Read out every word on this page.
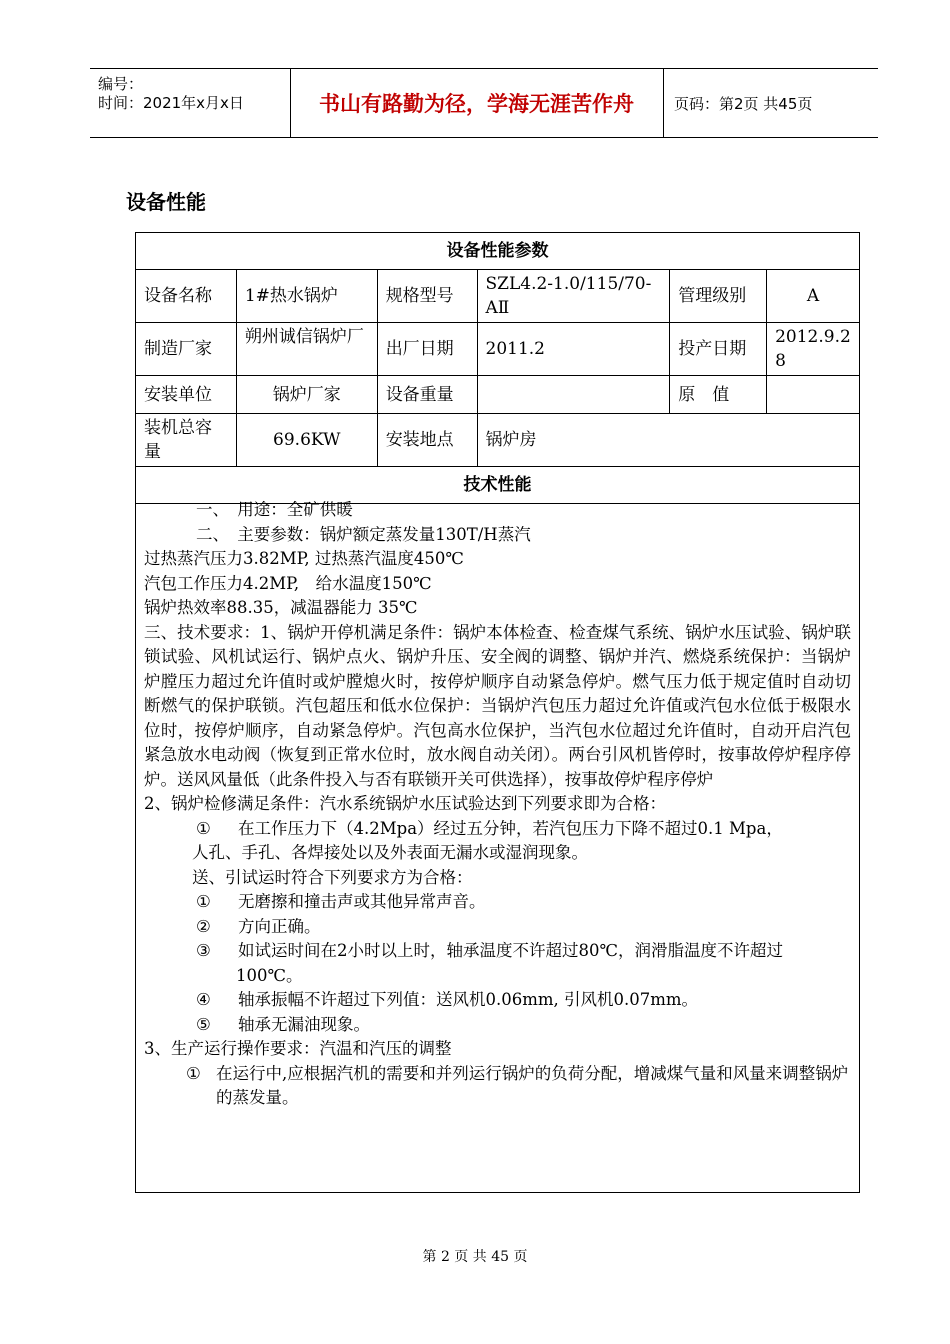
编号：
时间：2021年x月x日	书山有路勤为径，学海无涯苦作舟	页码：第2页 共45页
设备性能
设备性能参数					
设备名称	1#热水锅炉	规格型号	SZL4.2-1.0/115/70-AⅡ	管理级别	A
制造厂家	朔州诚信锅炉厂	出厂日期	2011.2	投产日期	2012.9.28
安装单位	锅炉厂家	设备重量		原　值	
装机总容量	69.6KW	安装地点	锅炉房		
技术性能					

一、　用途：全矿供暖

二、　主要参数：锅炉额定蒸发量130T/H蒸汽

过热蒸汽压力3.82MP, 过热蒸汽温度450℃

汽包工作压力4.2MP,　给水温度150℃

锅炉热效率88.35，减温器能力 35℃

三、技术要求：1、锅炉开停机满足条件：锅炉本体检查、检查煤气系统、锅炉水压试验、锅炉联锁试验、风机试运行、锅炉点火、锅炉升压、安全阀的调整、锅炉并汽、燃烧系统保护：当锅炉炉膛压力超过允许值时或炉膛熄火时，按停炉顺序自动紧急停炉。燃气压力低于规定值时自动切断燃气的保护联锁。汽包超压和低水位保护：当锅炉汽包压力超过允许值或汽包水位低于极限水位时，按停炉顺序，自动紧急停炉。汽包高水位保护，当汽包水位超过允许值时，自动开启汽包紧急放水电动阀（恢复到正常水位时，放水阀自动关闭）。两台引风机皆停时，按事故停炉程序停炉。送风风量低（此条件投入与否有联锁开关可供选择），按事故停炉程序停炉

2、锅炉检修满足条件：汽水系统锅炉水压试验达到下列要求即为合格：

①	在工作压力下（4.2Mpa）经过五分钟，若汽包压力下降不超过0.1 Mpa，

人孔、手孔、各焊接处以及外表面无漏水或湿润现象。

送、引试运时符合下列要求方为合格：

①	无磨擦和撞击声或其他异常声音。
②	方向正确。
③	如试运时间在2小时以上时，轴承温度不许超过80℃，润滑脂温度不许超过

100℃。

④	轴承振幅不许超过下列值：送风机0.06mm, 引风机0.07mm。
⑤	轴承无漏油现象。

3、生产运行操作要求：汽温和汽压的调整

① 在运行中,应根据汽机的需要和并列运行锅炉的负荷分配，增减煤气量和风量来调整锅炉的蒸发量。
第 2 页 共 45 页
